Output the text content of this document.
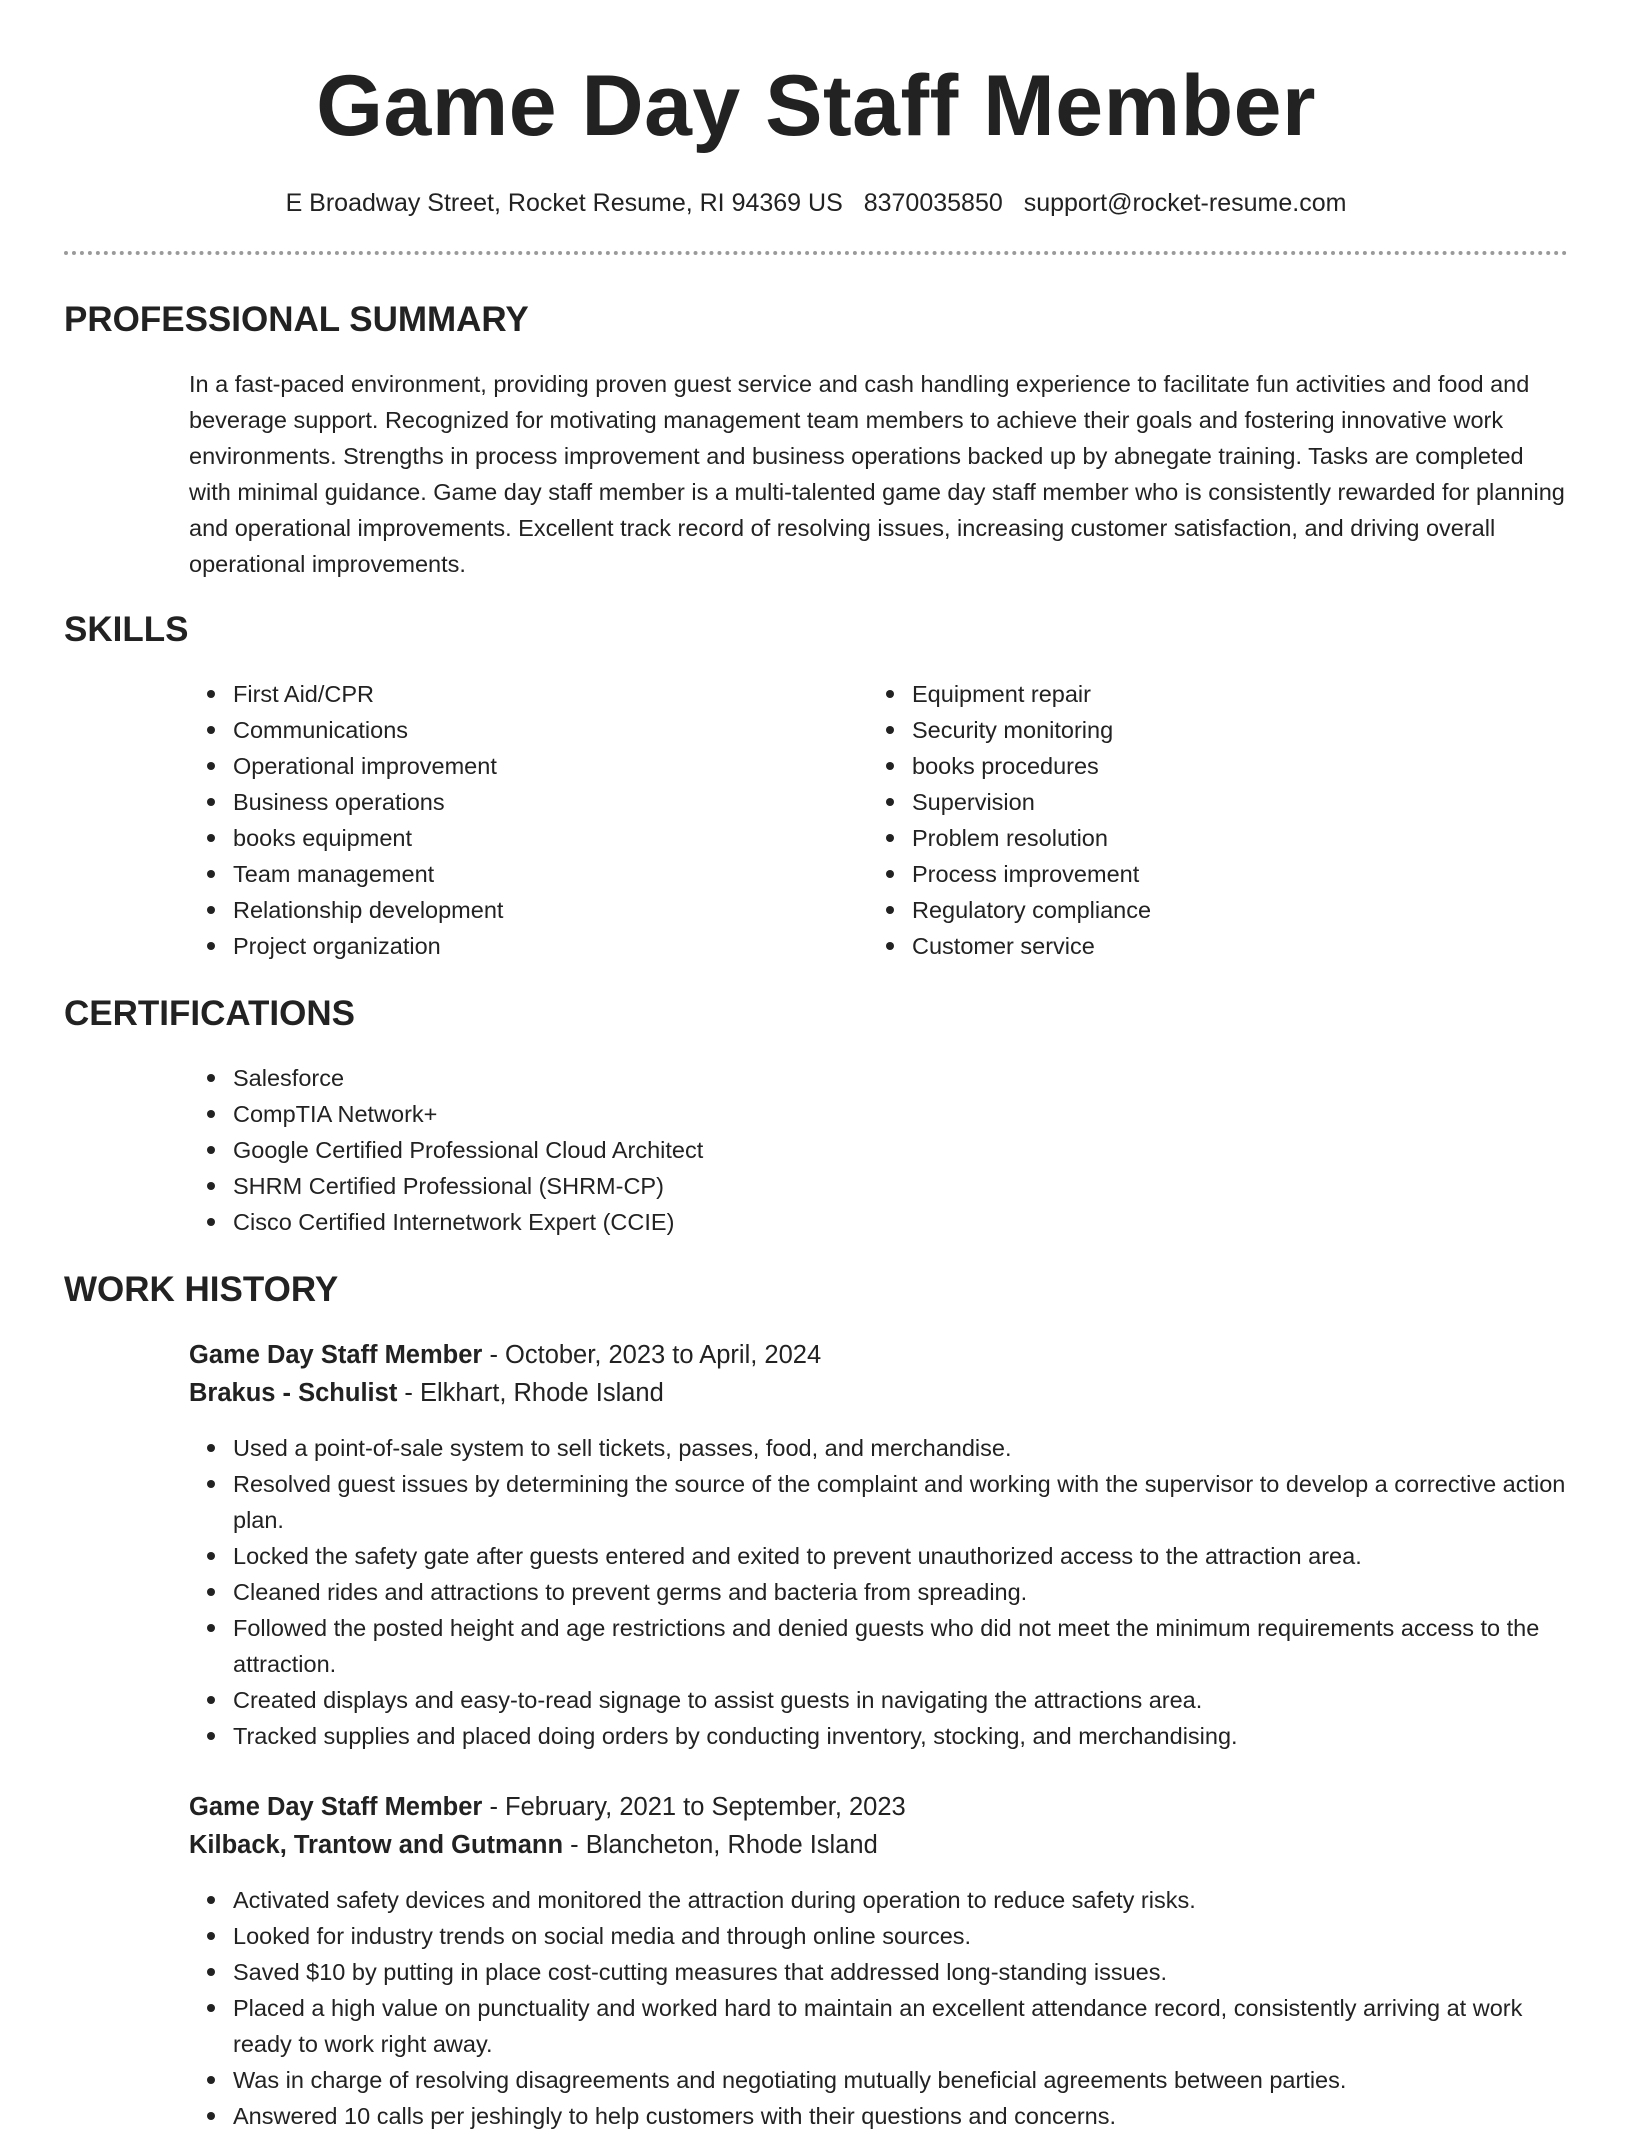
Game Day Staff Member
E Broadway Street, Rocket Resume, RI 94369 US 8370035850 support@rocket-resume.com
PROFESSIONAL SUMMARY

In a fast-paced environment, providing proven guest service and cash handling experience to facilitate fun activities and food and beverage support. Recognized for motivating management team members to achieve their goals and fostering innovative work environments. Strengths in process improvement and business operations backed up by abnegate training. Tasks are completed with minimal guidance. Game day staff member is a multi-talented game day staff member who is consistently rewarded for planning and operational improvements. Excellent track record of resolving issues, increasing customer satisfaction, and driving overall operational improvements.

SKILLS
First Aid/CPR
Communications
Operational improvement
Business operations
books equipment
Team management
Relationship development
Project organization
Equipment repair
Security monitoring
books procedures
Supervision
Problem resolution
Process improvement
Regulatory compliance
Customer service
CERTIFICATIONS
Salesforce
CompTIA Network+
Google Certified Professional Cloud Architect
SHRM Certified Professional (SHRM-CP)
Cisco Certified Internetwork Expert (CCIE)
WORK HISTORY
Game Day Staff Member - October, 2023 to April, 2024
Brakus - Schulist - Elkhart, Rhode Island
Used a point-of-sale system to sell tickets, passes, food, and merchandise.
Resolved guest issues by determining the source of the complaint and working with the supervisor to develop a corrective action plan.
Locked the safety gate after guests entered and exited to prevent unauthorized access to the attraction area.
Cleaned rides and attractions to prevent germs and bacteria from spreading.
Followed the posted height and age restrictions and denied guests who did not meet the minimum requirements access to the attraction.
Created displays and easy-to-read signage to assist guests in navigating the attractions area.
Tracked supplies and placed doing orders by conducting inventory, stocking, and merchandising.
Game Day Staff Member - February, 2021 to September, 2023
Kilback, Trantow and Gutmann - Blancheton, Rhode Island
Activated safety devices and monitored the attraction during operation to reduce safety risks.
Looked for industry trends on social media and through online sources.
Saved $10 by putting in place cost-cutting measures that addressed long-standing issues.
Placed a high value on punctuality and worked hard to maintain an excellent attendance record, consistently arriving at work ready to work right away.
Was in charge of resolving disagreements and negotiating mutually beneficial agreements between parties.
Answered 10 calls per jeshingly to help customers with their questions and concerns.
